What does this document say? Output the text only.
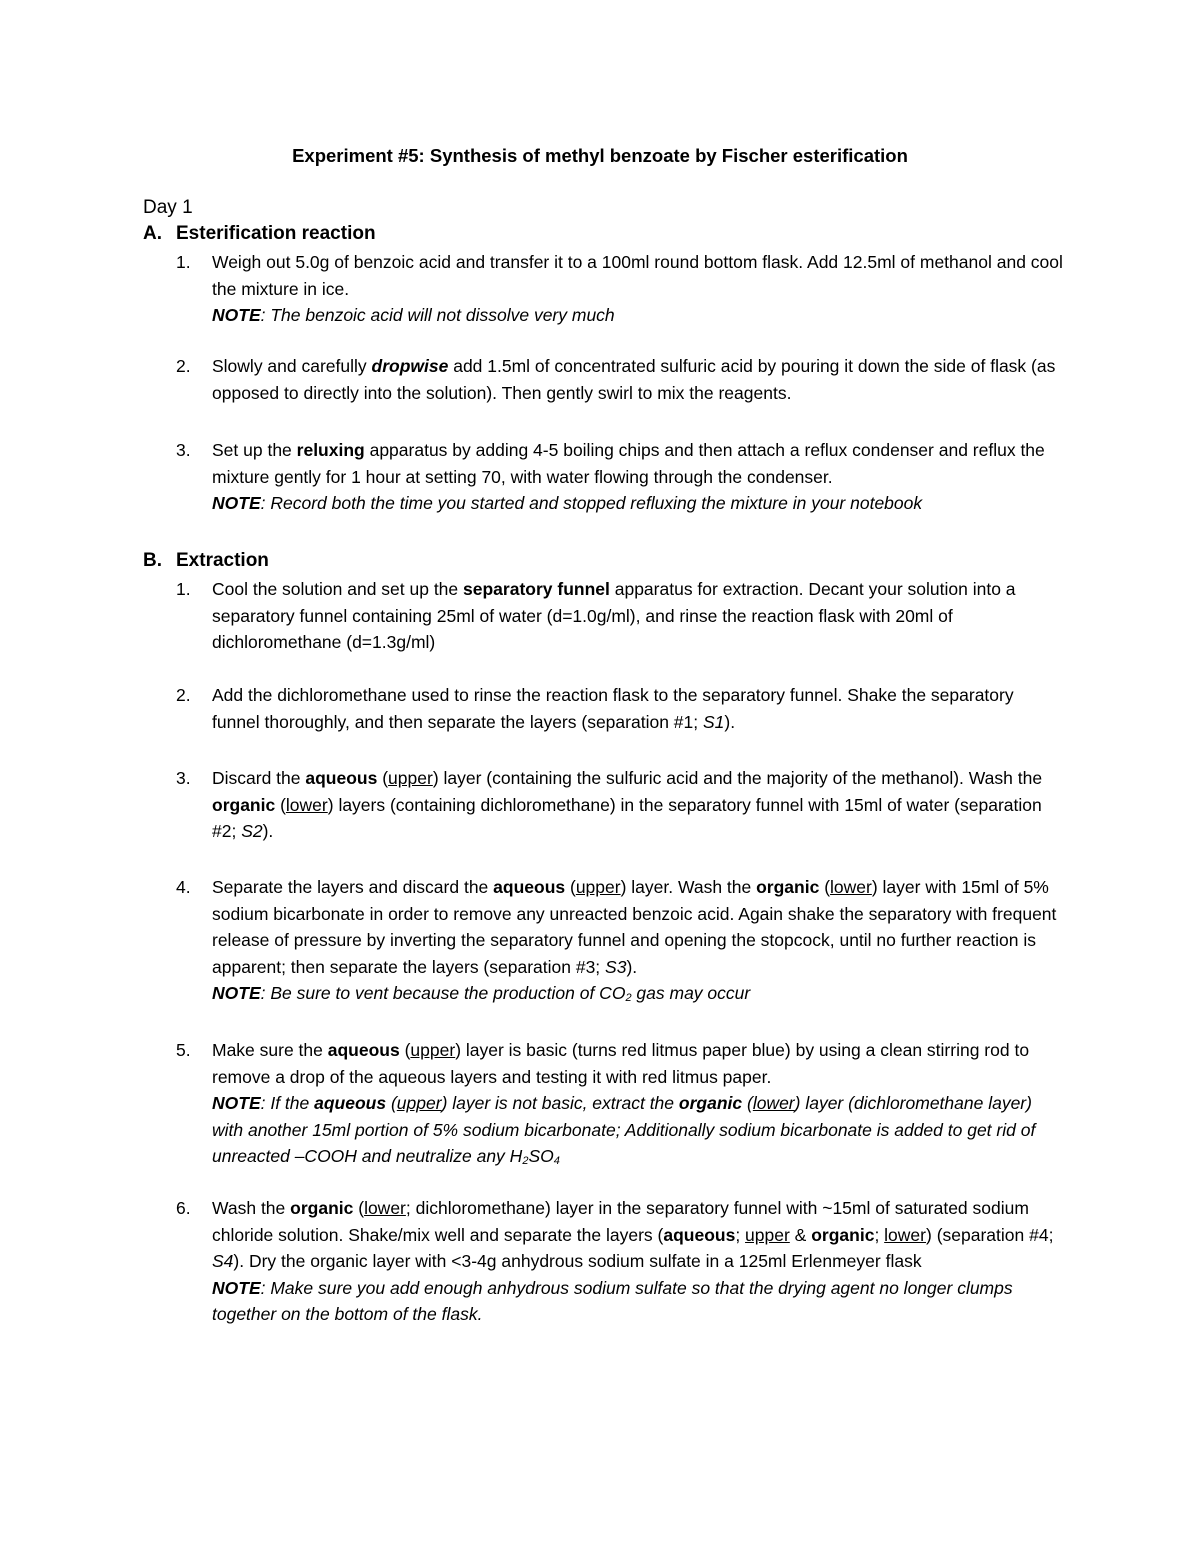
Experiment #5: Synthesis of methyl benzoate by Fischer esterification
Day 1
A. Esterification reaction
1. Weigh out 5.0g of benzoic acid and transfer it to a 100ml round bottom flask. Add 12.5ml of methanol and cool the mixture in ice.
NOTE: The benzoic acid will not dissolve very much
2. Slowly and carefully dropwise add 1.5ml of concentrated sulfuric acid by pouring it down the side of flask (as opposed to directly into the solution). Then gently swirl to mix the reagents.
3. Set up the reluxing apparatus by adding 4-5 boiling chips and then attach a reflux condenser and reflux the mixture gently for 1 hour at setting 70, with water flowing through the condenser.
NOTE: Record both the time you started and stopped refluxing the mixture in your notebook
B. Extraction
1. Cool the solution and set up the separatory funnel apparatus for extraction. Decant your solution into a separatory funnel containing 25ml of water (d=1.0g/ml), and rinse the reaction flask with 20ml of dichloromethane (d=1.3g/ml)
2. Add the dichloromethane used to rinse the reaction flask to the separatory funnel. Shake the separatory funnel thoroughly, and then separate the layers (separation #1; S1).
3. Discard the aqueous (upper) layer (containing the sulfuric acid and the majority of the methanol). Wash the organic (lower) layers (containing dichloromethane) in the separatory funnel with 15ml of water (separation #2; S2).
4. Separate the layers and discard the aqueous (upper) layer. Wash the organic (lower) layer with 15ml of 5% sodium bicarbonate in order to remove any unreacted benzoic acid. Again shake the separatory with frequent release of pressure by inverting the separatory funnel and opening the stopcock, until no further reaction is apparent; then separate the layers (separation #3; S3).
NOTE: Be sure to vent because the production of $CO_2$ gas may occur
5. Make sure the aqueous (upper) layer is basic (turns red litmus paper blue) by using a clean stirring rod to remove a drop of the aqueous layers and testing it with red litmus paper.
NOTE: If the aqueous (upper) layer is not basic, extract the organic (lower) layer (dichloromethane layer) with another 15ml portion of 5% sodium bicarbonate; Additionally sodium bicarbonate is added to get rid of unreacted –COOH and neutralize any $H_2SO_4$
6. Wash the organic (lower; dichloromethane) layer in the separatory funnel with ~15ml of saturated sodium chloride solution. Shake/mix well and separate the layers (aqueous; upper & organic; lower) (separation #4; S4). Dry the organic layer with <3-4g anhydrous sodium sulfate in a 125ml Erlenmeyer flask
NOTE: Make sure you add enough anhydrous sodium sulfate so that the drying agent no longer clumps together on the bottom of the flask.
